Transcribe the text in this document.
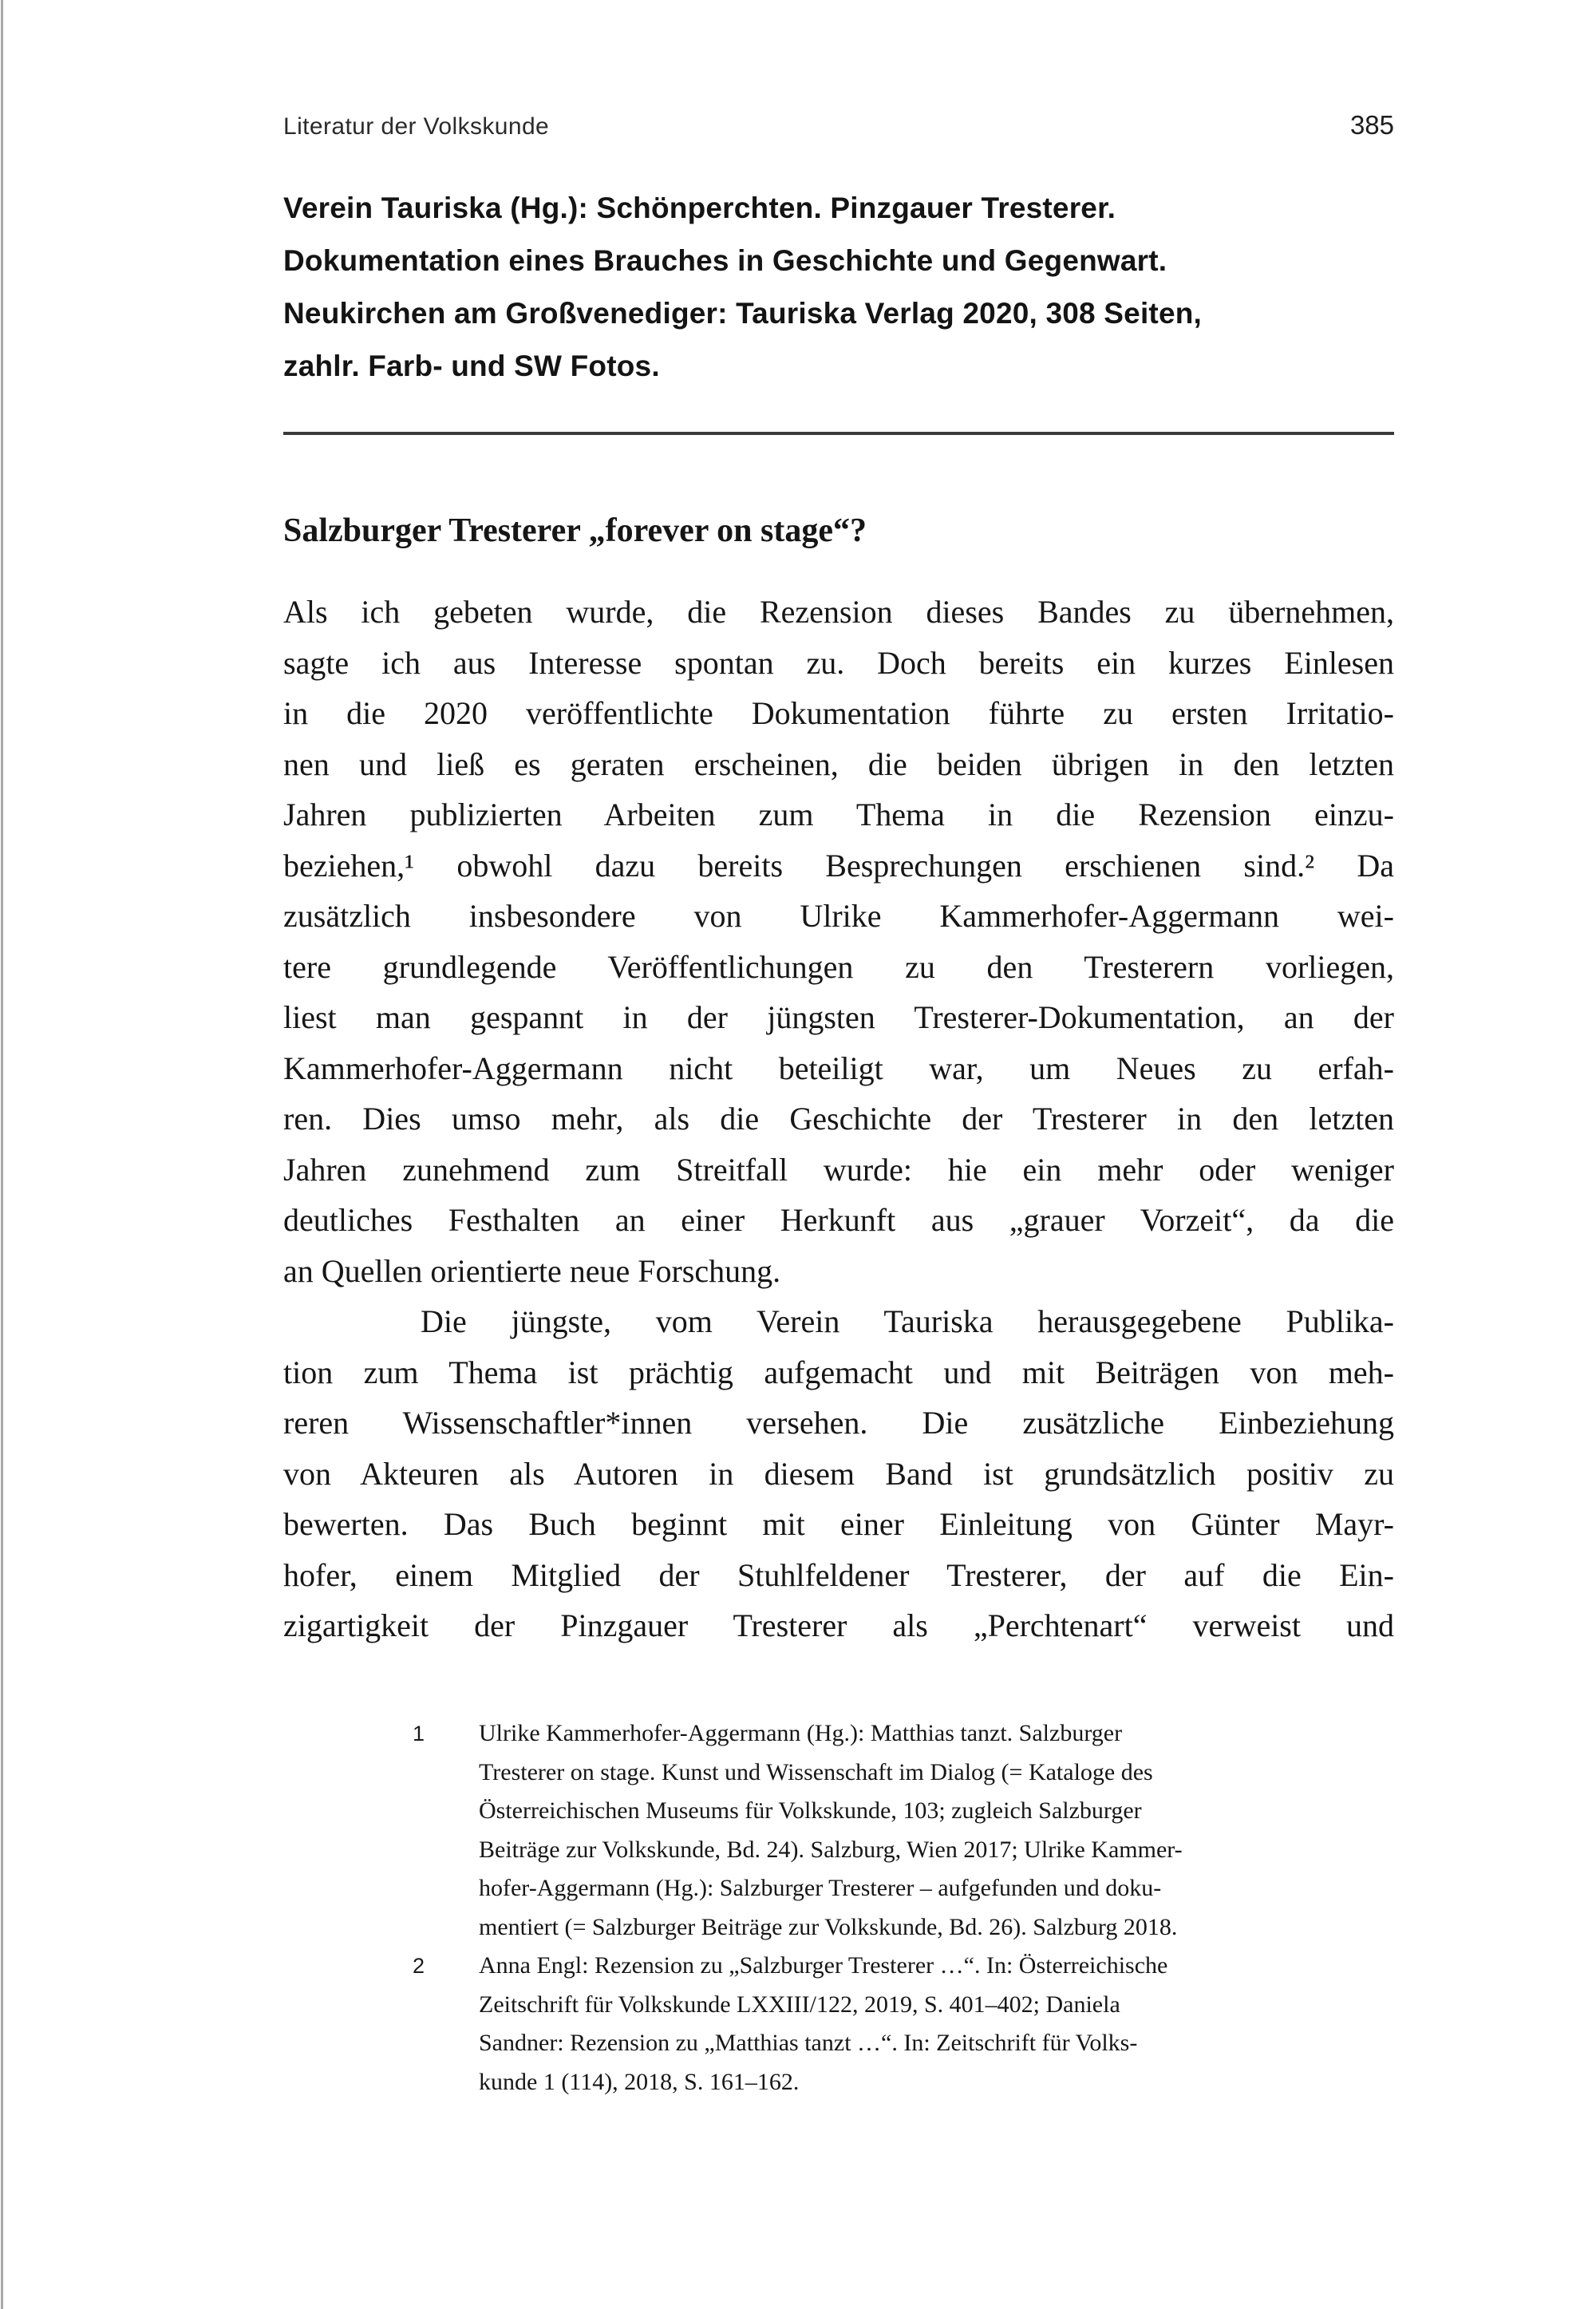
Literatur der Volkskunde	385
Verein Tauriska (Hg.): Schönperchten. Pinzgauer Tresterer.
Dokumentation eines Brauches in Geschichte und Gegenwart.
Neukirchen am Großvenediger: Tauriska Verlag 2020, 308 Seiten,
zahlr. Farb- und SW Fotos.
Salzburger Tresterer „forever on stage“?
Als ich gebeten wurde, die Rezension dieses Bandes zu übernehmen,
sagte ich aus Interesse spontan zu. Doch bereits ein kurzes Einlesen
in die 2020 veröffentlichte Dokumentation führte zu ersten Irritatio-
nen und ließ es geraten erscheinen, die beiden übrigen in den letzten
Jahren publizierten Arbeiten zum Thema in die Rezension einzu-
beziehen,¹ obwohl dazu bereits Besprechungen erschienen sind.² Da
zusätzlich insbesondere von Ulrike Kammerhofer-Aggermann wei-
tere grundlegende Veröffentlichungen zu den Tresterern vorliegen,
liest man gespannt in der jüngsten Tresterer-Dokumentation, an der
Kammerhofer-Aggermann nicht beteiligt war, um Neues zu erfah-
ren. Dies umso mehr, als die Geschichte der Tresterer in den letzten
Jahren zunehmend zum Streitfall wurde: hie ein mehr oder weniger
deutliches Festhalten an einer Herkunft aus „grauer Vorzeit“, da die
an Quellen orientierte neue Forschung.
Die jüngste, vom Verein Tauriska herausgegebene Publika-
tion zum Thema ist prächtig aufgemacht und mit Beiträgen von meh-
reren Wissenschaftler*innen versehen. Die zusätzliche Einbeziehung
von Akteuren als Autoren in diesem Band ist grundsätzlich positiv zu
bewerten. Das Buch beginnt mit einer Einleitung von Günter Mayr-
hofer, einem Mitglied der Stuhlfeldener Tresterer, der auf die Ein-
zigartigkeit der Pinzgauer Tresterer als „Perchtenart“ verweist und
1	Ulrike Kammerhofer-Aggermann (Hg.): Matthias tanzt. Salzburger
Tresterer on stage. Kunst und Wissenschaft im Dialog (= Kataloge des
Österreichischen Museums für Volkskunde, 103; zugleich Salzburger
Beiträge zur Volkskunde, Bd. 24). Salzburg, Wien 2017; Ulrike Kammer-
hofer-Aggermann (Hg.): Salzburger Tresterer – aufgefunden und doku-
mentiert (= Salzburger Beiträge zur Volkskunde, Bd. 26). Salzburg 2018.
2	Anna Engl: Rezension zu „Salzburger Tresterer …“. In: Österreichische
Zeitschrift für Volkskunde LXXIII/122, 2019, S. 401–402; Daniela
Sandner: Rezension zu „Matthias tanzt …“. In: Zeitschrift für Volks-
kunde 1 (114), 2018, S. 161–162.
